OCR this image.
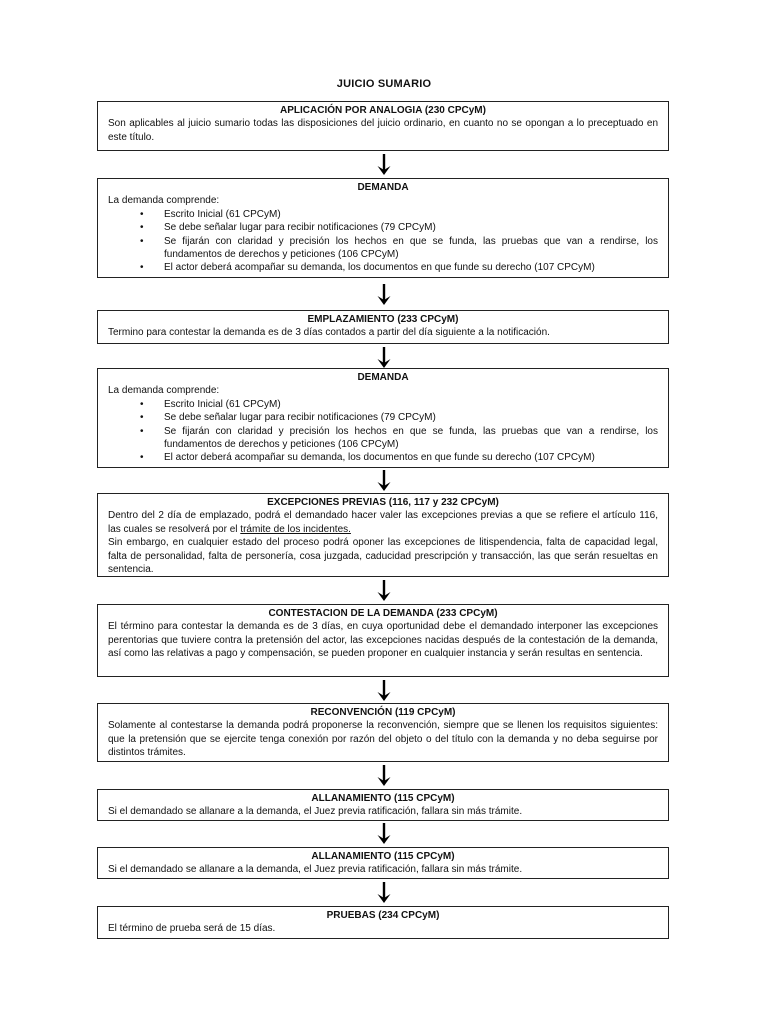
JUICIO SUMARIO
APLICACIÓN POR ANALOGIA (230 CPCyM)
Son aplicables al juicio sumario todas las disposiciones del juicio ordinario, en cuanto no se opongan a lo preceptuado en este título.
DEMANDA
La demanda comprende:
• Escrito Inicial (61 CPCyM)
• Se debe señalar lugar para recibir notificaciones (79 CPCyM)
• Se fijarán con claridad y precisión los hechos en que se funda, las pruebas que van a rendirse, los fundamentos de derechos y peticiones (106 CPCyM)
• El actor deberá acompañar su demanda, los documentos en que funde su derecho (107 CPCyM)
EMPLAZAMIENTO (233 CPCyM)
Termino para contestar la demanda es de 3 días contados a partir del día siguiente a la notificación.
DEMANDA
La demanda comprende:
• Escrito Inicial (61 CPCyM)
• Se debe señalar lugar para recibir notificaciones (79 CPCyM)
• Se fijarán con claridad y precisión los hechos en que se funda, las pruebas que van a rendirse, los fundamentos de derechos y peticiones (106 CPCyM)
• El actor deberá acompañar su demanda, los documentos en que funde su derecho (107 CPCyM)
EXCEPCIONES PREVIAS (116, 117 y 232 CPCyM)
Dentro del 2 día de emplazado, podrá el demandado hacer valer las excepciones previas a que se refiere el artículo 116, las cuales se resolverá por el trámite de los incidentes.
Sin embargo, en cualquier estado del proceso podrá oponer las excepciones de litispendencia, falta de capacidad legal, falta de personalidad, falta de personería, cosa juzgada, caducidad prescripción y transacción, las que serán resueltas en sentencia.
CONTESTACION DE LA DEMANDA (233 CPCyM)
El término para contestar la demanda es de 3 días, en cuya oportunidad debe el demandado interponer las excepciones perentorias que tuviere contra la pretensión del actor, las excepciones nacidas después de la contestación de la demanda, así como las relativas a pago y compensación, se pueden proponer en cualquier instancia y serán resultas en sentencia.
RECONVENCIÓN (119 CPCyM)
Solamente al contestarse la demanda podrá proponerse la reconvención, siempre que se llenen los requisitos siguientes: que la pretensión que se ejercite tenga conexión por razón del objeto o del título con la demanda y no deba seguirse por distintos trámites.
ALLANAMIENTO (115 CPCyM)
Si el demandado se allanare a la demanda, el Juez previa ratificación, fallara sin más trámite.
ALLANAMIENTO (115 CPCyM)
Si el demandado se allanare a la demanda, el Juez previa ratificación, fallara sin más trámite.
PRUEBAS (234 CPCyM)
El término de prueba será de 15 días.
